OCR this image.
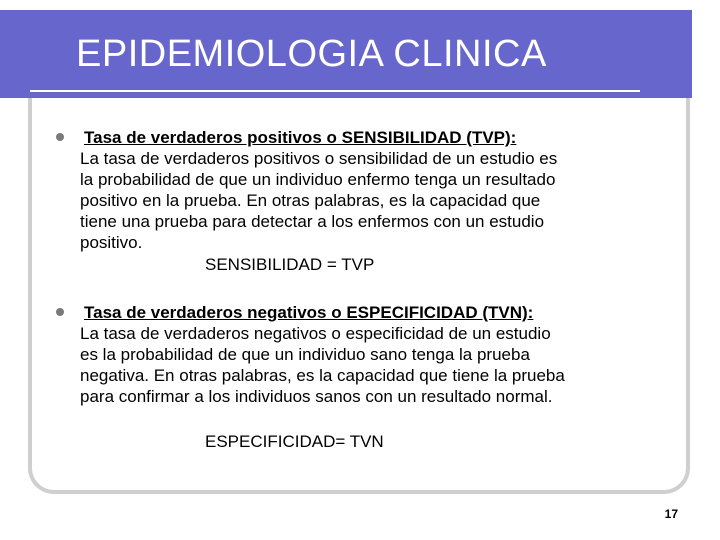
EPIDEMIOLOGIA CLINICA
Tasa de verdaderos positivos o SENSIBILIDAD (TVP):
La tasa de verdaderos positivos o sensibilidad de un estudio es
la probabilidad de que un individuo enfermo tenga un resultado
positivo en la prueba. En otras palabras, es la capacidad que
tiene una prueba para detectar a los enfermos con un estudio
positivo.
SENSIBILIDAD = TVP
Tasa de verdaderos negativos o ESPECIFICIDAD (TVN):
La tasa de verdaderos negativos o especificidad de un estudio
es la probabilidad de que un individuo sano tenga la prueba
negativa. En otras palabras, es la capacidad que tiene la prueba
para confirmar a los individuos sanos con un resultado normal.
ESPECIFICIDAD= TVN
17
